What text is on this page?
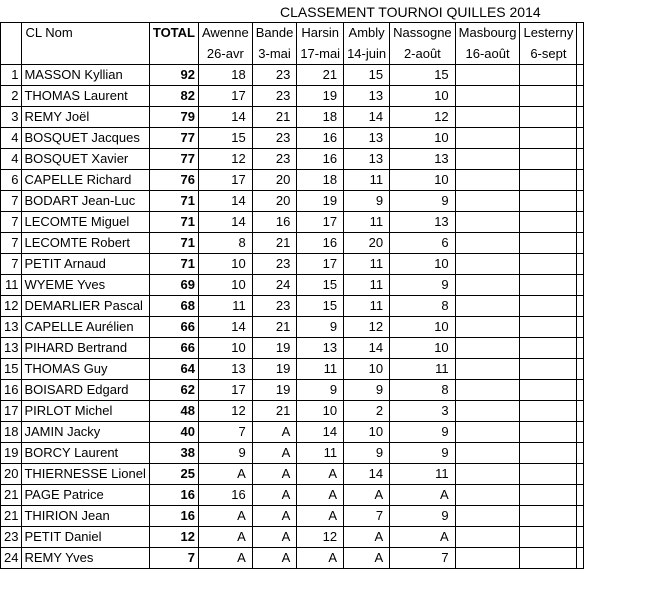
CLASSEMENT TOURNOI QUILLES 2014
	CL Nom	TOTAL	Awenne	Bande	Harsin	Ambly	Nassogne	Masbourg	Lesterny	
			26-avr	3-mai	17-mai	14-juin	2-août	16-août	6-sept	
1	MASSON Kyllian	92	18	23	21	15	15			
2	THOMAS Laurent	82	17	23	19	13	10			
3	REMY Joël	79	14	21	18	14	12			
4	BOSQUET Jacques	77	15	23	16	13	10			
4	BOSQUET Xavier	77	12	23	16	13	13			
6	CAPELLE Richard	76	17	20	18	11	10			
7	BODART Jean-Luc	71	14	20	19	9	9			
7	LECOMTE Miguel	71	14	16	17	11	13			
7	LECOMTE Robert	71	8	21	16	20	6			
7	PETIT Arnaud	71	10	23	17	11	10			
11	WYEME Yves	69	10	24	15	11	9			
12	DEMARLIER Pascal	68	11	23	15	11	8			
13	CAPELLE Aurélien	66	14	21	9	12	10			
13	PIHARD Bertrand	66	10	19	13	14	10			
15	THOMAS Guy	64	13	19	11	10	11			
16	BOISARD Edgard	62	17	19	9	9	8			
17	PIRLOT Michel	48	12	21	10	2	3			
18	JAMIN Jacky	40	7	A	14	10	9			
19	BORCY Laurent	38	9	A	11	9	9			
20	THIERNESSE Lionel	25	A	A	A	14	11			
21	PAGE Patrice	16	16	A	A	A	A			
21	THIRION Jean	16	A	A	A	7	9			
23	PETIT Daniel	12	A	A	12	A	A			
24	REMY Yves	7	A	A	A	A	7			
